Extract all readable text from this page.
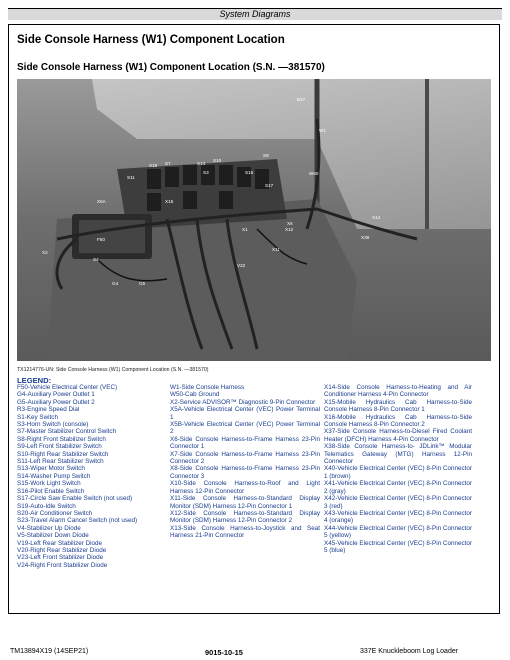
System Diagrams
Side Console Harness (W1) Component Location
Side Console Harness (W1) Component Location (S.N. —381570)
B27
W1
W50
S18 S7	S14
S10
S9
S11
S3	S15
S17
X5A	X15
X14
X2
F50
X1
X6
X38
X11
X12
V22
S4
G4	G5
TX1214776-UN: Side Console Harness (W1) Component Location (S.N. —381570)
LEGEND:
F50-Vehicle Electrical Center (VEC)
G4-Auxiliary Power Outlet 1
G5-Auxiliary Power Outlet 2
R3-Engine Speed Dial
S1-Key Switch
S3-Horn Switch (console)
S7-Master Stabilizer Control Switch
S8-Right Front Stabilizer Switch
S9-Left Front Stabilizer Switch
S10-Right Rear Stabilizer Switch
S11-Left Rear Stabilizer Switch
S13-Wiper Motor Switch
S14-Washer Pump Switch
S15-Work Light Switch
S16-Pilot Enable Switch
S17-Circle Saw Enable Switch (not used)
S19-Auto-Idle Switch
S20-Air Conditioner Switch
S23-Travel Alarm Cancel Switch (not used)
V4-Stabilizer Up Diode
V5-Stabilizer Down Diode
V19-Left Rear Stabilizer Diode
V20-Right Rear Stabilizer Diode
V23-Left Front Stabilizer Diode
V24-Right Front Stabilizer Diode
W1-Side Console Harness
W50-Cab Ground
X2-Service ADVISOR™ Diagnostic 9-Pin Connector
X5A-Vehicle Electrical Center (VEC) Power Terminal 1
X5B-Vehicle Electrical Center (VEC) Power Terminal 2
X6-Side Console Harness-to-Frame Harness 23-Pin Connector 1
X7-Side Console Harness-to-Frame Harness 23-Pin Connector 2
X8-Side Console Harness-to-Frame Harness 23-Pin Connector 3
X10-Side Console Harness-to-Roof and Light Harness 12-Pin Connector
X11-Side Console Harness-to-Standard Display Monitor (SDM) Harness 12-Pin Connector 1
X12-Side Console Harness-to-Standard Display Monitor (SDM) Harness 12-Pin Connector 2
X13-Side Console Harness-to-Joystick and Seat Harness 21-Pin Connector
X14-Side Console Harness-to-Heating and Air Conditioner Harness 4-Pin Connector
X15-Mobile Hydraulics Cab Harness-to-Side Console Harness 8-Pin Connector 1
X16-Mobile Hydraulics Cab Harness-to-Side Console Harness 8-Pin Connector 2
X37-Side Console Harness-to-Diesel Fired Coolant Heater (DFCH) Harness 4-Pin Connector
X38-Side Console Harness-to- JDLink™ Modular Telematics Gateway (MTG) Harness 12-Pin Connector
X40-Vehicle Electrical Center (VEC) 8-Pin Connector 1 (brown)
X41-Vehicle Electrical Center (VEC) 8-Pin Connector 2 (gray)
X42-Vehicle Electrical Center (VEC) 8-Pin Connector 3 (red)
X43-Vehicle Electrical Center (VEC) 8-Pin Connector 4 (orange)
X44-Vehicle Electrical Center (VEC) 8-Pin Connector 5 (yellow)
X45-Vehicle Electrical Center (VEC) 8-Pin Connector 5 (blue)
TM13894X19 (14SEP21)	9015-10-15	337E Knuckleboom Log Loader
